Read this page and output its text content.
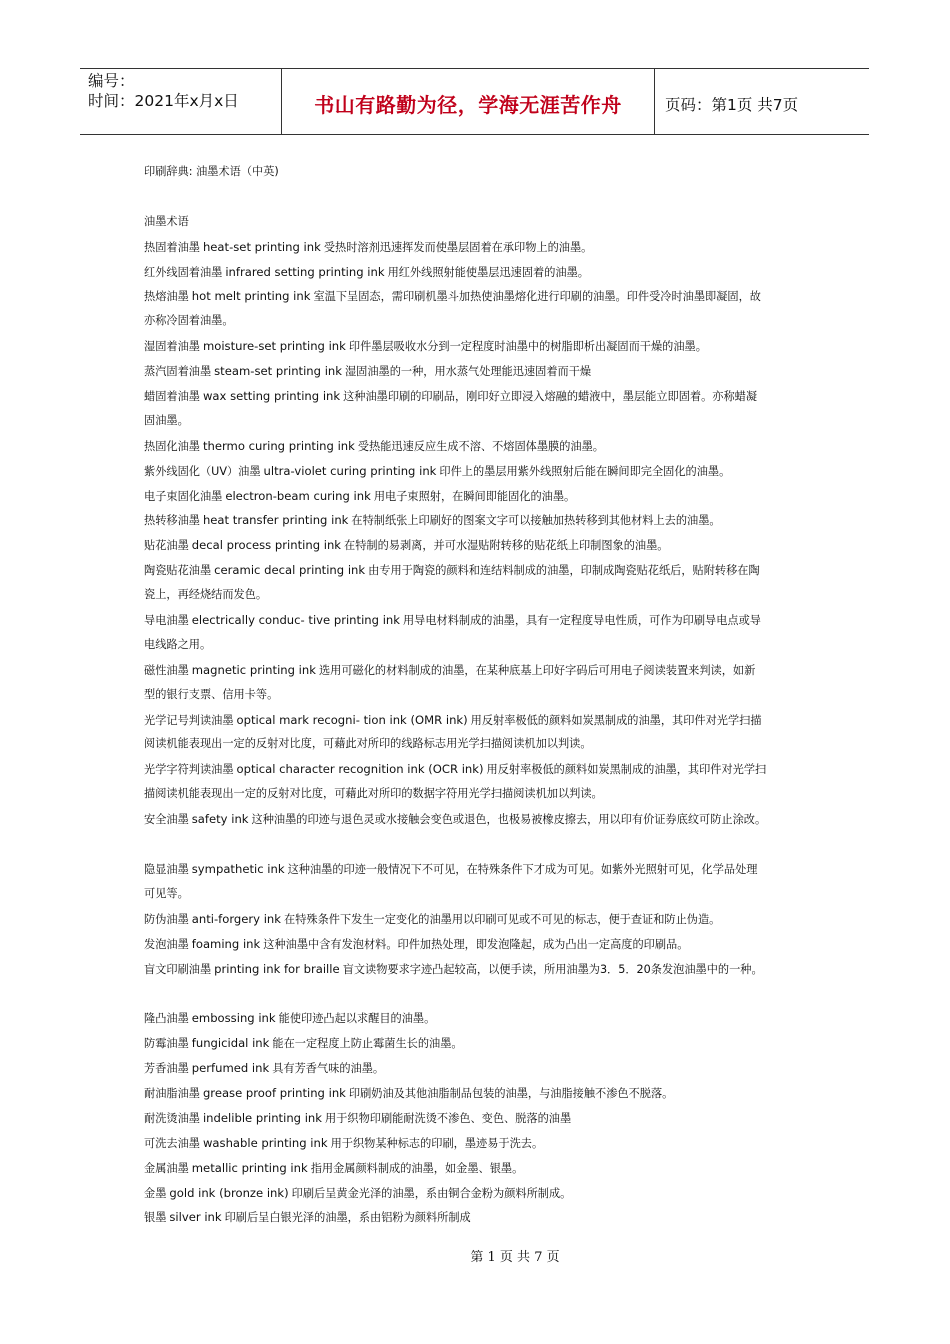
编号：
时间：2021年x月x日	书山有路勤为径，学海无涯苦作舟	页码：第1页 共7页
印刷辞典: 油墨术语（中英)
油墨术语
热固着油墨 heat-set printing ink 受热时溶剂迅速挥发而使墨层固着在承印物上的油墨。
红外线固着油墨 infrared setting printing ink 用红外线照射能使墨层迅速固着的油墨。
热熔油墨 hot melt printing ink 室温下呈固态，需印刷机墨斗加热使油墨熔化进行印刷的油墨。印件受冷时油墨即凝固，故
亦称冷固着油墨。
湿固着油墨 moisture-set printing ink 印件墨层吸收水分到一定程度时油墨中的树脂即析出凝固而干燥的油墨。
蒸汽固着油墨 steam-set printing ink 湿固油墨的一种，用水蒸气处理能迅速固着而干燥
蜡固着油墨 wax setting printing ink 这种油墨印刷的印刷品，刚印好立即浸入熔融的蜡液中，墨层能立即固着。亦称蜡凝
固油墨。
热固化油墨 thermo curing printing ink 受热能迅速反应生成不溶、不熔固体墨膜的油墨。
紫外线固化（UV）油墨 ultra-violet curing printing ink 印件上的墨层用紫外线照射后能在瞬间即完全固化的油墨。
电子束固化油墨 electron-beam curing ink 用电子束照射，在瞬间即能固化的油墨。
热转移油墨 heat transfer printing ink 在特制纸张上印刷好的图案文字可以接触加热转移到其他材料上去的油墨。
贴花油墨 decal process printing ink 在特制的易剥离，并可水湿贴附转移的贴花纸上印制图象的油墨。
陶瓷贴花油墨 ceramic decal printing ink 由专用于陶瓷的颜料和连结料制成的油墨，印制成陶瓷贴花纸后，贴附转移在陶
瓷上，再经烧结而发色。
导电油墨 electrically conduc- tive printing ink 用导电材料制成的油墨，具有一定程度导电性质，可作为印刷导电点或导
电线路之用。
磁性油墨 magnetic printing ink 选用可磁化的材料制成的油墨，在某种底基上印好字码后可用电子阅读装置来判读，如新
型的银行支票、信用卡等。
光学记号判读油墨 optical mark recogni- tion ink (OMR ink) 用反射率极低的颜料如炭黑制成的油墨，其印件对光学扫描
阅读机能表现出一定的反射对比度，可藉此对所印的线路标志用光学扫描阅读机加以判读。
光学字符判读油墨 optical character recognition ink (OCR ink) 用反射率极低的颜料如炭黑制成的油墨，其印件对光学扫
描阅读机能表现出一定的反射对比度，可藉此对所印的数据字符用光学扫描阅读机加以判读。
安全油墨 safety ink 这种油墨的印迹与退色灵或水接触会变色或退色，也极易被橡皮擦去，用以印有价证券底纹可防止涂改。
隐显油墨 sympathetic ink 这种油墨的印迹一般情况下不可见，在特殊条件下才成为可见。如紫外光照射可见，化学品处理
可见等。
防伪油墨 anti-forgery ink 在特殊条件下发生一定变化的油墨用以印刷可见或不可见的标志，便于查证和防止伪造。
发泡油墨 foaming ink 这种油墨中含有发泡材料。印件加热处理，即发泡隆起，成为凸出一定高度的印刷品。
盲文印刷油墨 printing ink for braille 盲文读物要求字迹凸起较高，以便手读，所用油墨为3．5．20条发泡油墨中的一种。
隆凸油墨 embossing ink 能使印迹凸起以求醒目的油墨。
防霉油墨 fungicidal ink 能在一定程度上防止霉菌生长的油墨。
芳香油墨 perfumed ink 具有芳香气味的油墨。
耐油脂油墨 grease proof printing ink 印刷奶油及其他油脂制品包装的油墨，与油脂接触不渗色不脱落。
耐洗烫油墨 indelible printing ink 用于织物印刷能耐洗烫不渗色、变色、脱落的油墨
可洗去油墨 washable printing ink 用于织物某种标志的印刷，墨迹易于洗去。
金属油墨 metallic printing ink 指用金属颜料制成的油墨，如金墨、银墨。
金墨 gold ink (bronze ink) 印刷后呈黄金光泽的油墨，系由铜合金粉为颜料所制成。
银墨 silver ink 印刷后呈白银光泽的油墨，系由铝粉为颜料所制成
第 1 页 共 7 页
